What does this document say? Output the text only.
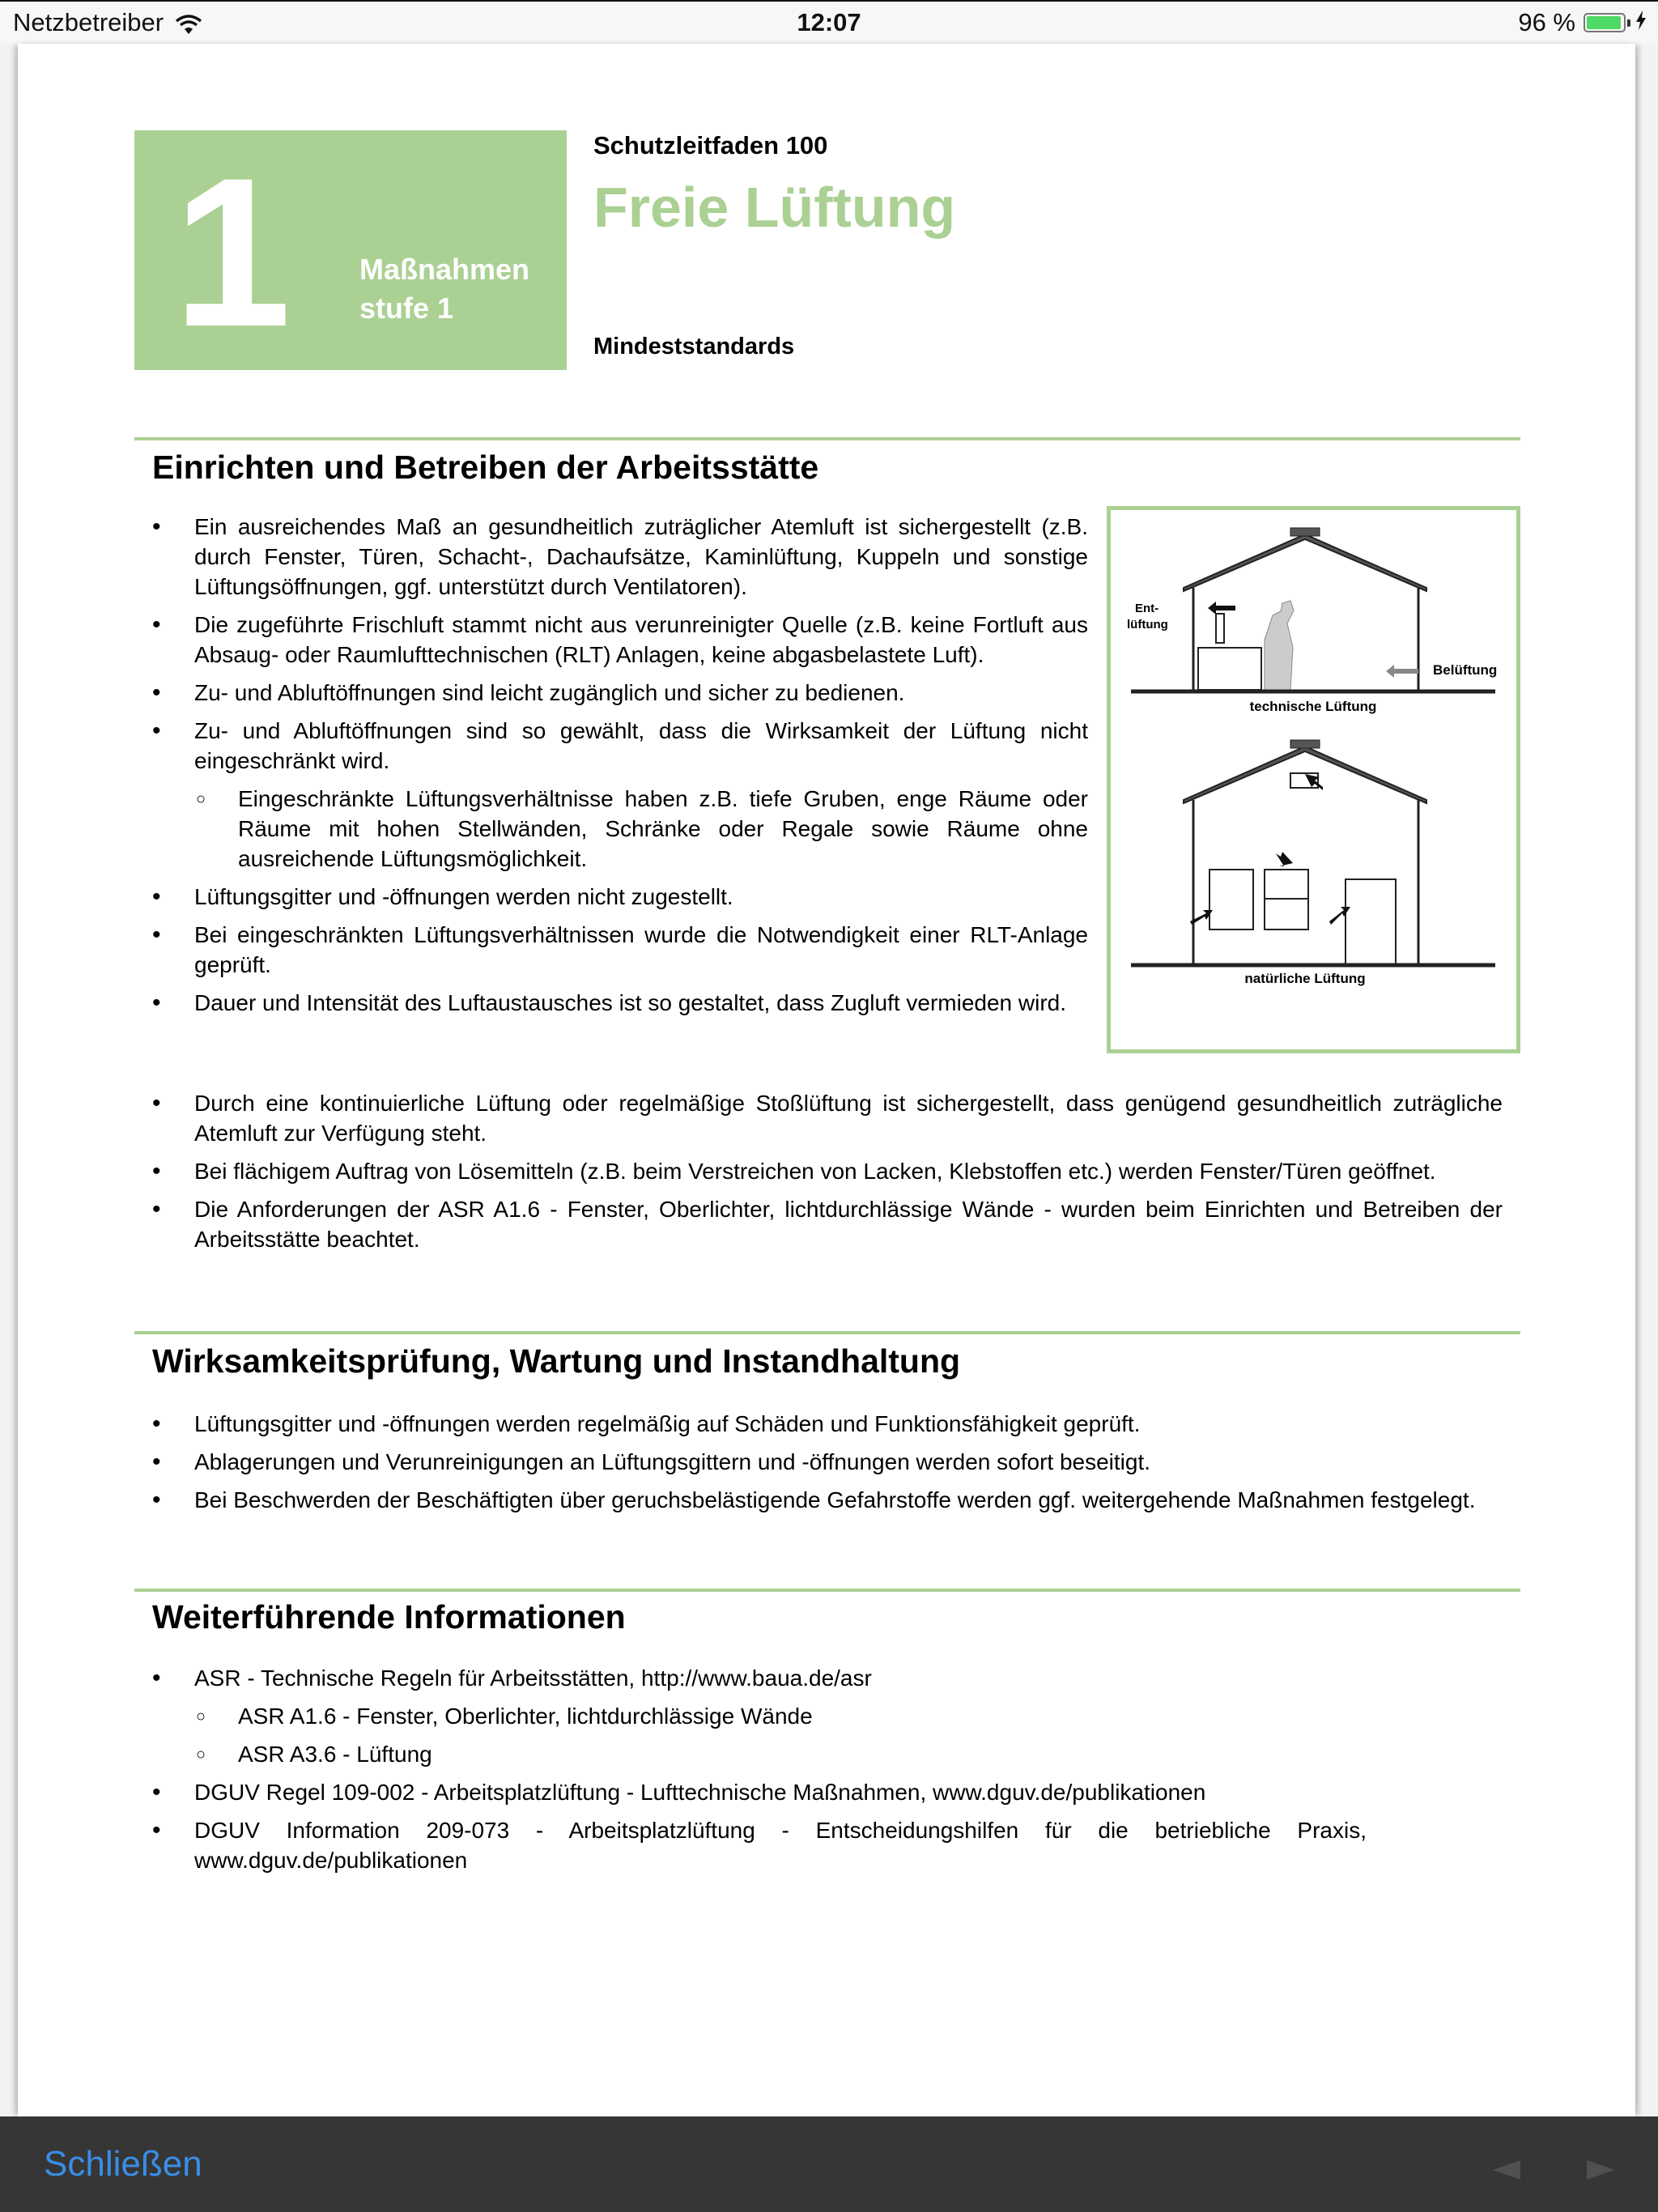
Netzbetreiber	12:07	96 %
1 Maßnahmen
stufe 1
Schutzleitfaden 100
Freie Lüftung
Mindeststandards
Einrichten und Betreiben der Arbeitsstätte
• Ein ausreichendes Maß an gesundheitlich zuträglicher Atemluft ist sichergestellt (z.B. durch Fenster, Türen, Schacht-, Dachaufsätze, Kaminlüftung, Kuppeln und sonstige Lüftungsöffnungen, ggf. unterstützt durch Ventilatoren).
• Die zugeführte Frischluft stammt nicht aus verunreinigter Quelle (z.B. keine Fortluft aus Absaug- oder Raumlufttechnischen (RLT) Anlagen, keine abgasbelastete Luft).
• Zu- und Abluftöffnungen sind leicht zugänglich und sicher zu bedienen.
• Zu- und Abluftöffnungen sind so gewählt, dass die Wirksamkeit der Lüftung nicht eingeschränkt wird.
○ Eingeschränkte Lüftungsverhältnisse haben z.B. tiefe Gruben, enge Räume oder Räume mit hohen Stellwänden, Schränke oder Regale sowie Räume ohne ausreichende Lüftungsmöglichkeit.
• Lüftungsgitter und -öffnungen werden nicht zugestellt.
• Bei eingeschränkten Lüftungsverhältnissen wurde die Notwendigkeit einer RLT-Anlage geprüft.
• Dauer und Intensität des Luftaustausches ist so gestaltet, dass Zugluft vermieden wird.
• Durch eine kontinuierliche Lüftung oder regelmäßige Stoßlüftung ist sichergestellt, dass genügend gesundheitlich zuträgliche Atemluft zur Verfügung steht.
• Bei flächigem Auftrag von Lösemitteln (z.B. beim Verstreichen von Lacken, Klebstoffen etc.) werden Fenster/Türen geöffnet.
• Die Anforderungen der ASR A1.6 - Fenster, Oberlichter, lichtdurchlässige Wände - wurden beim Einrichten und Betreiben der Arbeitsstätte beachtet.
Ent-
lüftung
Belüftung
technische Lüftung
natürliche Lüftung
Wirksamkeitsprüfung, Wartung und Instandhaltung
• Lüftungsgitter und -öffnungen werden regelmäßig auf Schäden und Funktionsfähigkeit geprüft.
• Ablagerungen und Verunreinigungen an Lüftungsgittern und -öffnungen werden sofort beseitigt.
• Bei Beschwerden der Beschäftigten über geruchsbelästigende Gefahrstoffe werden ggf. weitergehende Maßnahmen festgelegt.
Weiterführende Informationen
• ASR - Technische Regeln für Arbeitsstätten, http://www.baua.de/asr
○ ASR A1.6 - Fenster, Oberlichter, lichtdurchlässige Wände
○ ASR A3.6 - Lüftung
• DGUV Regel 109-002 - Arbeitsplatzlüftung - Lufttechnische Maßnahmen, www.dguv.de/publikationen
• DGUV Information 209-073 - Arbeitsplatzlüftung - Entscheidungshilfen für die betriebliche Praxis, www.dguv.de/publikationen
Schließen
